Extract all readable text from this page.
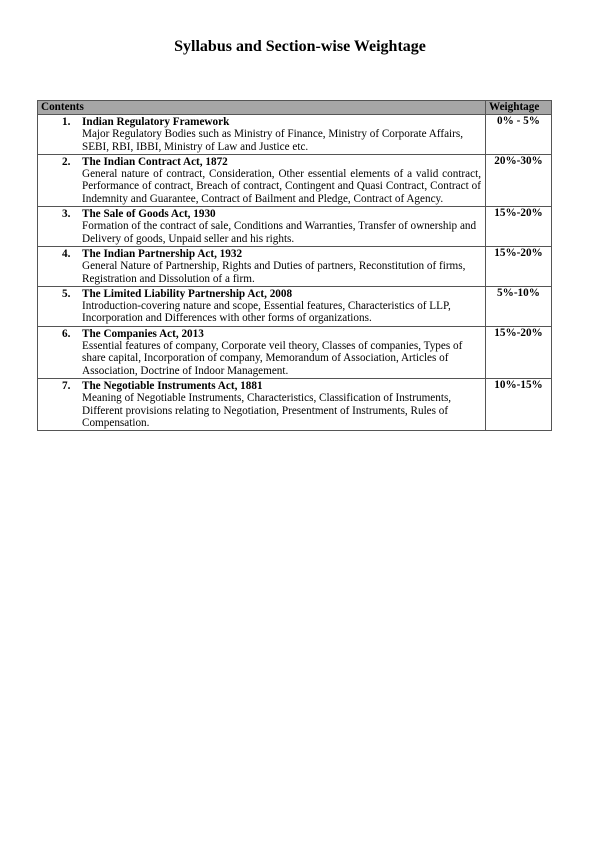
Syllabus and Section-wise Weightage
Contents	Weightage

1. Indian Regulatory Framework
Major Regulatory Bodies such as Ministry of Finance, Ministry of Corporate Affairs, SEBI, RBI, IBBI, Ministry of Law and Justice etc.	0% - 5%

2. The Indian Contract Act, 1872
General nature of contract, Consideration, Other essential elements of a valid contract, Performance of contract, Breach of contract, Contingent and Quasi Contract, Contract of Indemnity and Guarantee, Contract of Bailment and Pledge, Contract of Agency.	20%-30%

3. The Sale of Goods Act, 1930
Formation of the contract of sale, Conditions and Warranties, Transfer of ownership and Delivery of goods, Unpaid seller and his rights.	15%-20%

4. The Indian Partnership Act, 1932
General Nature of Partnership, Rights and Duties of partners, Reconstitution of firms, Registration and Dissolution of a firm.	15%-20%

5. The Limited Liability Partnership Act, 2008
Introduction-covering nature and scope, Essential features, Characteristics of LLP, Incorporation and Differences with other forms of organizations.	5%-10%

6. The Companies Act, 2013
Essential features of company, Corporate veil theory, Classes of companies, Types of share capital, Incorporation of company, Memorandum of Association, Articles of Association, Doctrine of Indoor Management.	15%-20%

7. The Negotiable Instruments Act, 1881
Meaning of Negotiable Instruments, Characteristics, Classification of Instruments, Different provisions relating to Negotiation, Presentment of Instruments, Rules of Compensation.	10%-15%
